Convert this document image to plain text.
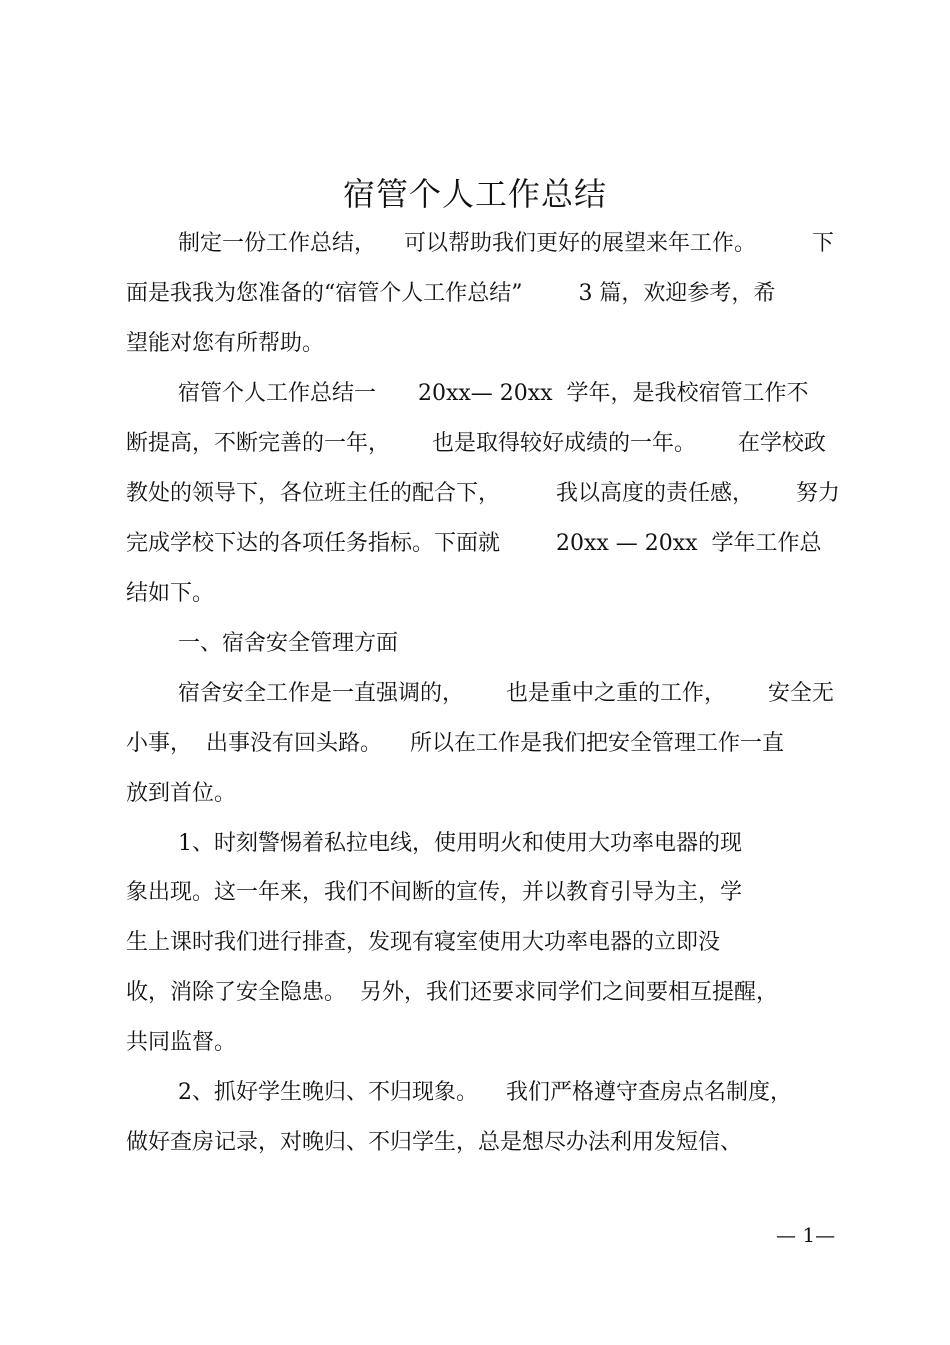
宿管个人工作总结
制定一份工作总结，    可以帮助我们更好的展望来年工作。        下
面是我我为您准备的“宿管个人工作总结”        3 篇，欢迎参考，希
望能对您有所帮助。
宿管个人工作总结一      20xx— 20xx  学年，是我校宿管工作不
断提高，不断完善的一年，      也是取得较好成绩的一年。      在学校政
教处的领导下，各位班主任的配合下，        我以高度的责任感，      努力
完成学校下达的各项任务指标。下面就        20xx — 20xx  学年工作总
结如下。
一、宿舍安全管理方面
宿舍安全工作是一直强调的，      也是重中之重的工作，      安全无
小事，  出事没有回头路。    所以在工作是我们把安全管理工作一直
放到首位。
1、时刻警惕着私拉电线，使用明火和使用大功率电器的现
象出现。这一年来，我们不间断的宣传，并以教育引导为主，学
生上课时我们进行排查，发现有寝室使用大功率电器的立即没
收，消除了安全隐患。  另外，我们还要求同学们之间要相互提醒，
共同监督。
2、抓好学生晚归、不归现象。    我们严格遵守查房点名制度，
做好查房记录，对晚归、不归学生，总是想尽办法利用发短信、
— 1—
